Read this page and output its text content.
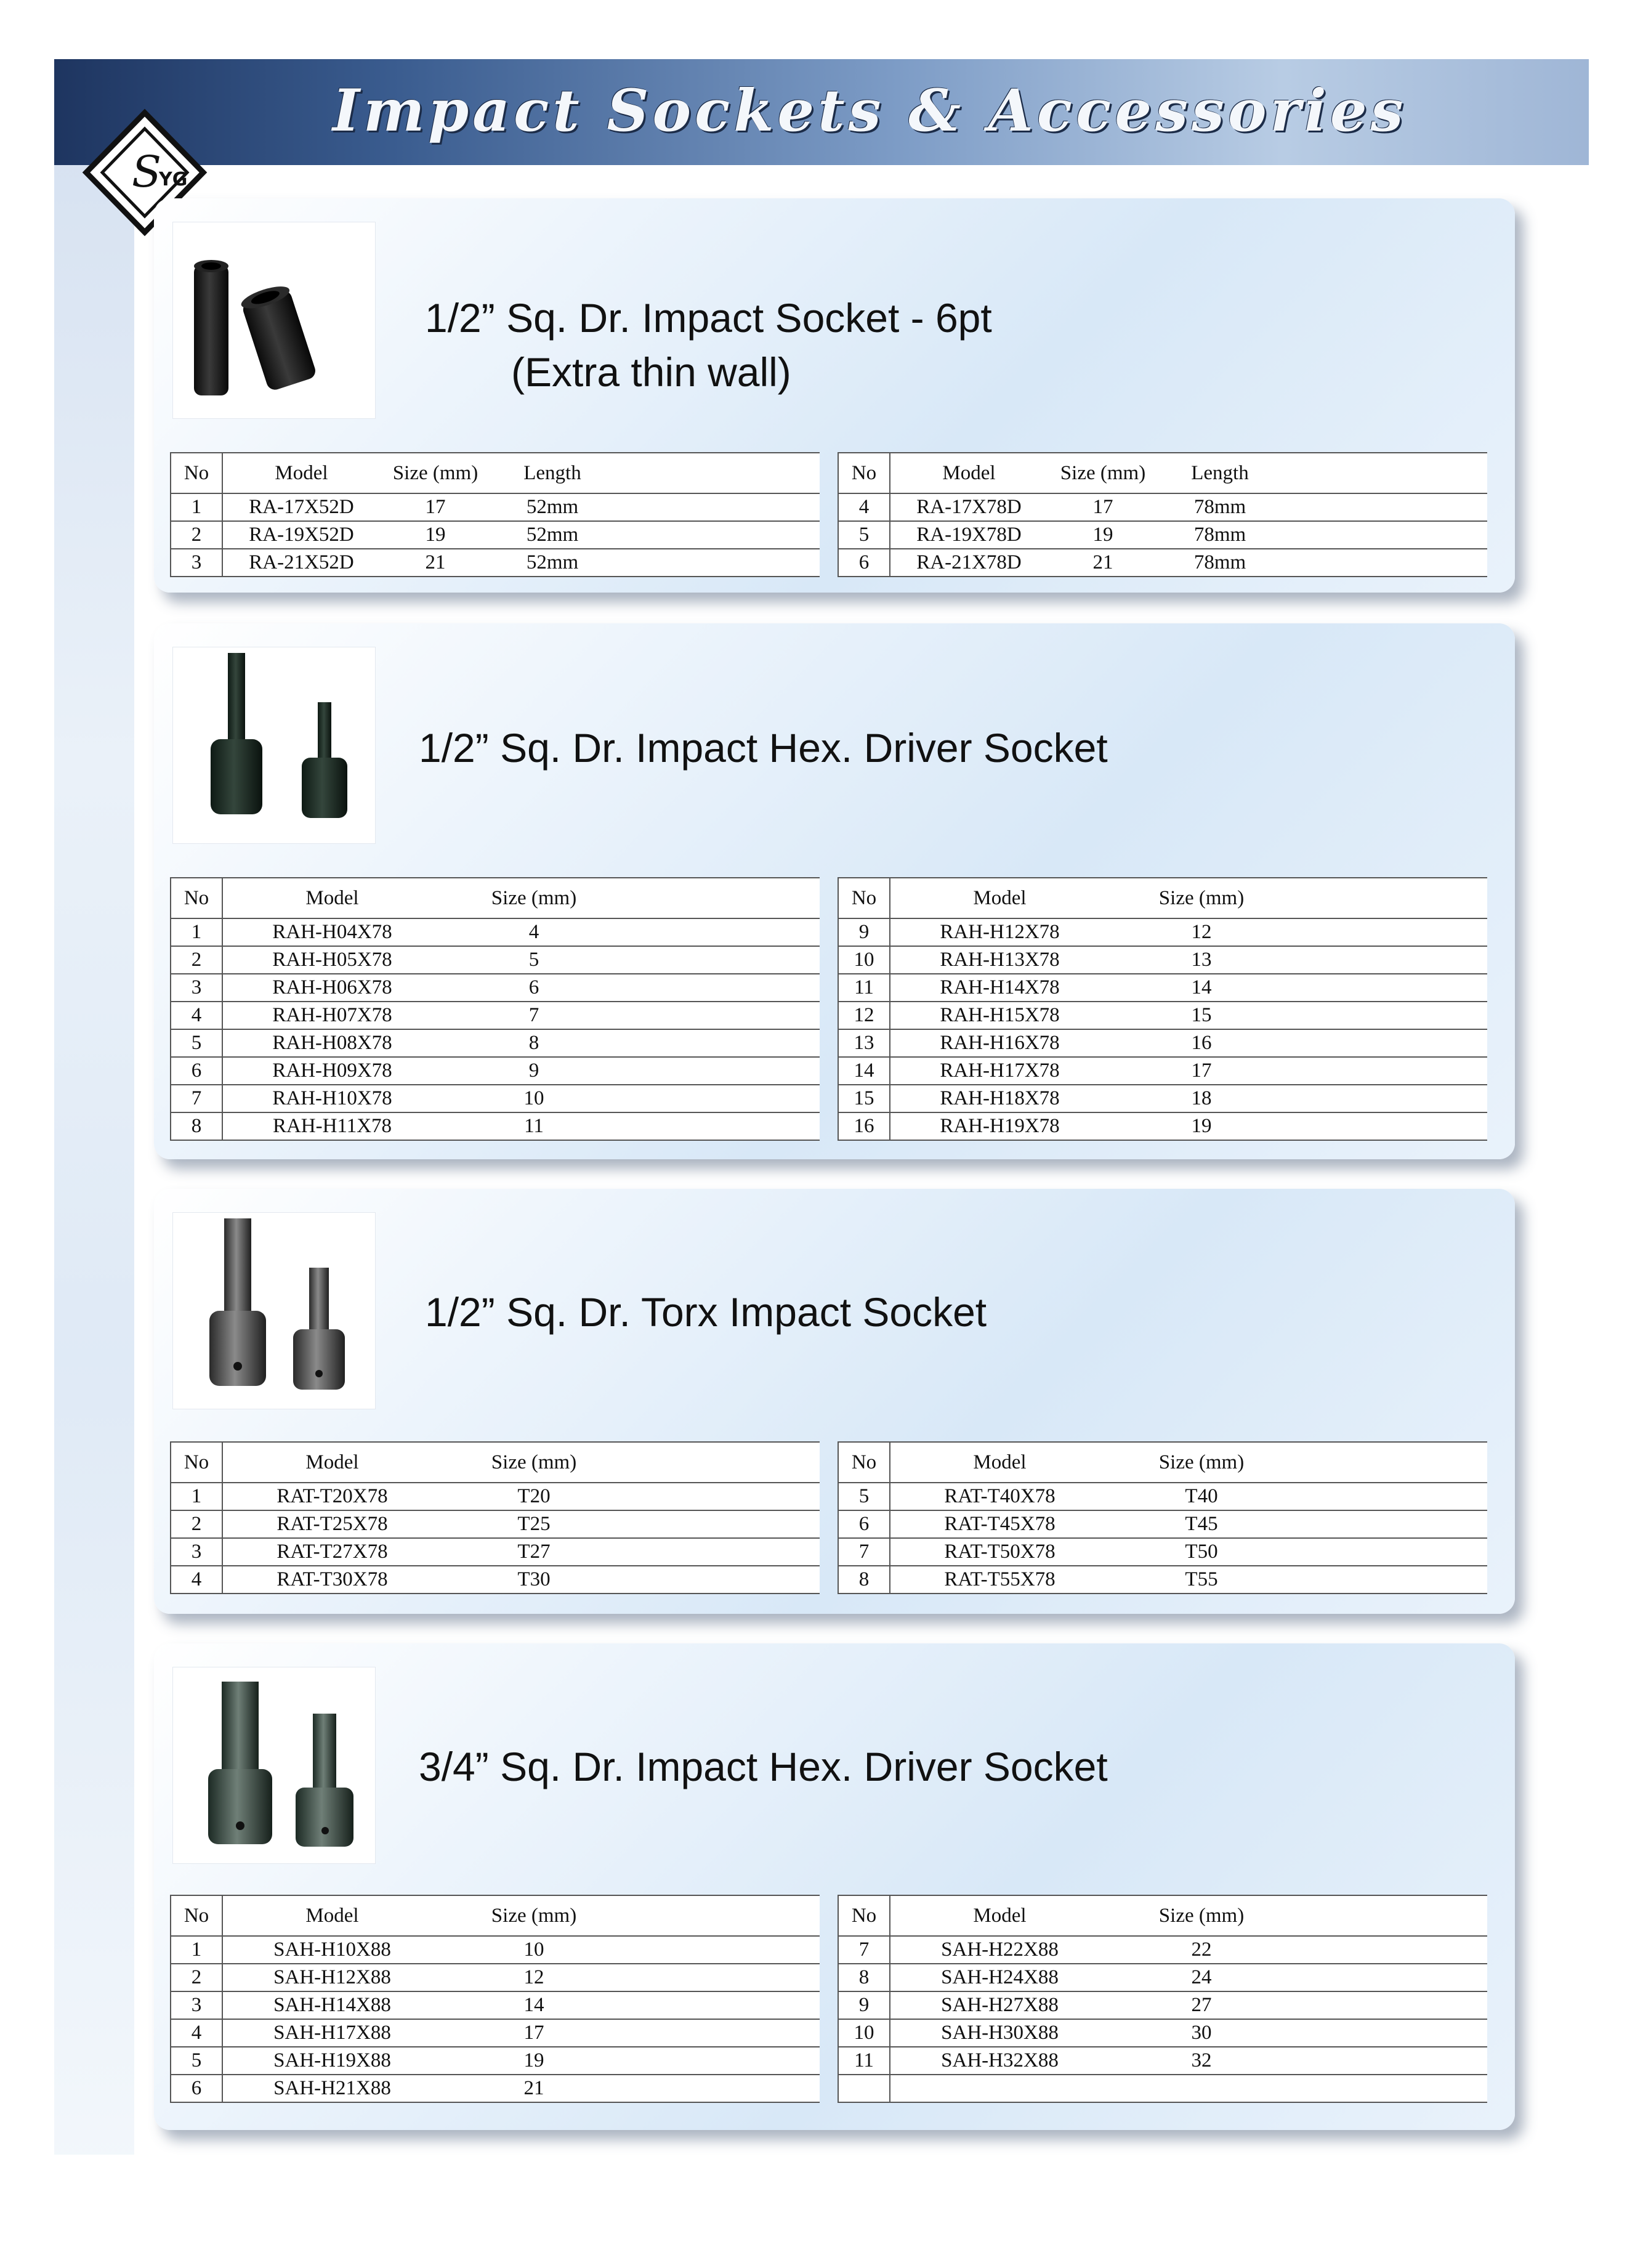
Impact Sockets & Accessories
S
YG
1/2” Sq. Dr. Impact Socket - 6pt
(Extra thin wall)
1/2” Sq. Dr. Impact Hex. Driver Socket
1/2” Sq. Dr. Torx Impact Socket
3/4” Sq. Dr. Impact Hex. Driver Socket
No	Model	Size (mm)	Length	
1	RA-17X52D	17	52mm	
2	RA-19X52D	19	52mm	
3	RA-21X52D	21	52mm	
No	Model	Size (mm)	Length	
4	RA-17X78D	17	78mm	
5	RA-19X78D	19	78mm	
6	RA-21X78D	21	78mm	
No	Model	Size (mm)	
1	RAH-H04X78	4	
2	RAH-H05X78	5	
3	RAH-H06X78	6	
4	RAH-H07X78	7	
5	RAH-H08X78	8	
6	RAH-H09X78	9	
7	RAH-H10X78	10	
8	RAH-H11X78	11	
No	Model	Size (mm)	
9	RAH-H12X78	12	
10	RAH-H13X78	13	
11	RAH-H14X78	14	
12	RAH-H15X78	15	
13	RAH-H16X78	16	
14	RAH-H17X78	17	
15	RAH-H18X78	18	
16	RAH-H19X78	19	
No	Model	Size (mm)	
1	RAT-T20X78	T20	
2	RAT-T25X78	T25	
3	RAT-T27X78	T27	
4	RAT-T30X78	T30	
No	Model	Size (mm)	
5	RAT-T40X78	T40	
6	RAT-T45X78	T45	
7	RAT-T50X78	T50	
8	RAT-T55X78	T55	
No	Model	Size (mm)	
1	SAH-H10X88	10	
2	SAH-H12X88	12	
3	SAH-H14X88	14	
4	SAH-H17X88	17	
5	SAH-H19X88	19	
6	SAH-H21X88	21	
No	Model	Size (mm)	
7	SAH-H22X88	22	
8	SAH-H24X88	24	
9	SAH-H27X88	27	
10	SAH-H30X88	30	
11	SAH-H32X88	32	
